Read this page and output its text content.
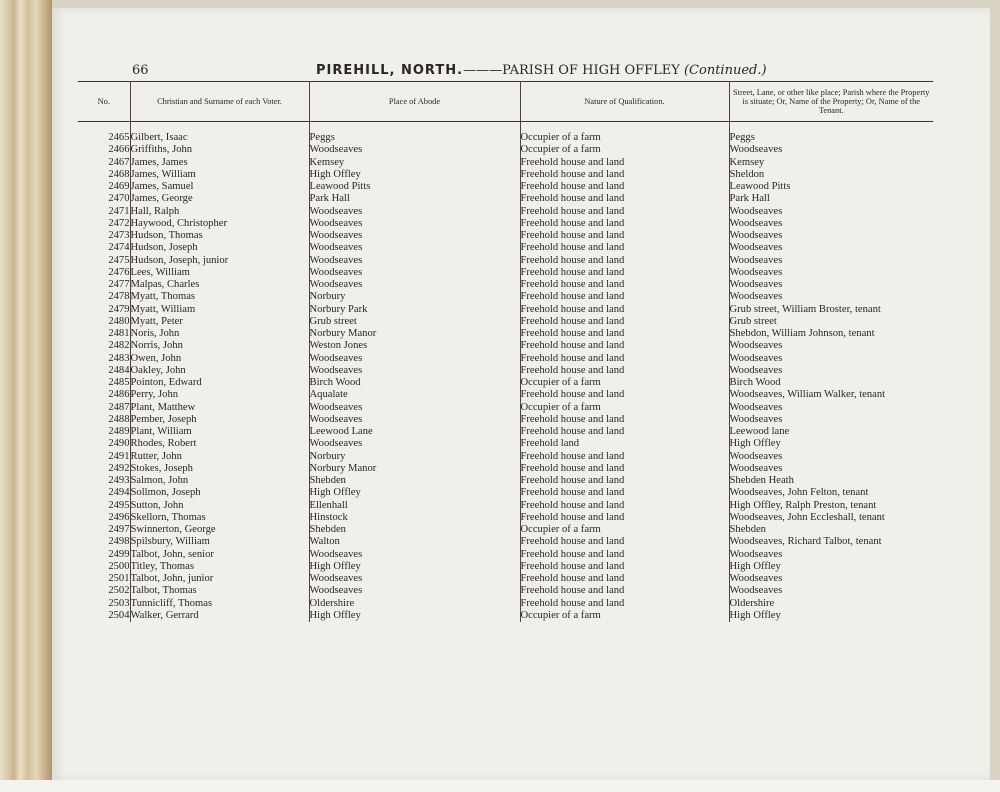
66	PIREHILL, NORTH.———PARISH OF HIGH OFFLEY (Continued.)
No.	Christian and Surname of each Voter.	Place of Abode	Nature of Qualification.	Street, Lane, or other like place; Parish where the Property is situate; Or, Name of the Property; Or, Name of the Tenant.

2465	Gilbert, Isaac	Peggs	Occupier of a farm	Peggs
2466	Griffiths, John	Woodseaves	Occupier of a farm	Woodseaves
2467	James, James	Kemsey	Freehold house and land	Kemsey
2468	James, William	High Offley	Freehold house and land	Sheldon
2469	James, Samuel	Leawood Pitts	Freehold house and land	Leawood Pitts
2470	James, George	Park Hall	Freehold house and land	Park Hall
2471	Hall, Ralph	Woodseaves	Freehold house and land	Woodseaves
2472	Haywood, Christopher	Woodseaves	Freehold house and land	Woodseaves
2473	Hudson, Thomas	Woodseaves	Freehold house and land	Woodseaves
2474	Hudson, Joseph	Woodseaves	Freehold house and land	Woodseaves
2475	Hudson, Joseph, junior	Woodseaves	Freehold house and land	Woodseaves
2476	Lees, William	Woodseaves	Freehold house and land	Woodseaves
2477	Malpas, Charles	Woodseaves	Freehold house and land	Woodseaves
2478	Myatt, Thomas	Norbury	Freehold house and land	Woodseaves
2479	Myatt, William	Norbury Park	Freehold house and land	Grub street, William Broster, tenant
2480	Myatt, Peter	Grub street	Freehold house and land	Grub street
2481	Noris, John	Norbury Manor	Freehold house and land	Shebdon, William Johnson, tenant
2482	Norris, John	Weston Jones	Freehold house and land	Woodseaves
2483	Owen, John	Woodseaves	Freehold house and land	Woodseaves
2484	Oakley, John	Woodseaves	Freehold house and land	Woodseaves
2485	Pointon, Edward	Birch Wood	Occupier of a farm	Birch Wood
2486	Perry, John	Aqualate	Freehold house and land	Woodseaves, William Walker, tenant
2487	Plant, Matthew	Woodseaves	Occupier of a farm	Woodseaves
2488	Pember, Joseph	Woodseaves	Freehold house and land	Woodseaves
2489	Plant, William	Leewood Lane	Freehold house and land	Leewood lane
2490	Rhodes, Robert	Woodseaves	Freehold land	High Offley
2491	Rutter, John	Norbury	Freehold house and land	Woodseaves
2492	Stokes, Joseph	Norbury Manor	Freehold house and land	Woodseaves
2493	Salmon, John	Shebden	Freehold house and land	Shebden Heath
2494	Sollmon, Joseph	High Offley	Freehold house and land	Woodseaves, John Felton, tenant
2495	Sutton, John	Ellenhall	Freehold house and land	High Offley, Ralph Preston, tenant
2496	Skellorn, Thomas	Hinstock	Freehold house and land	Woodseaves, John Eccleshall, tenant
2497	Swinnerton, George	Shebden	Occupier of a farm	Shebden
2498	Spilsbury, William	Walton	Freehold house and land	Woodseaves, Richard Talbot, tenant
2499	Talbot, John, senior	Woodseaves	Freehold house and land	Woodseaves
2500	Titley, Thomas	High Offley	Freehold house and land	High Offley
2501	Talbot, John, junior	Woodseaves	Freehold house and land	Woodseaves
2502	Talbot, Thomas	Woodseaves	Freehold house and land	Woodseaves
2503	Tunnicliff, Thomas	Oldershire	Freehold house and land	Oldershire
2504	Walker, Gerrard	High Offley	Occupier of a farm	High Offley
